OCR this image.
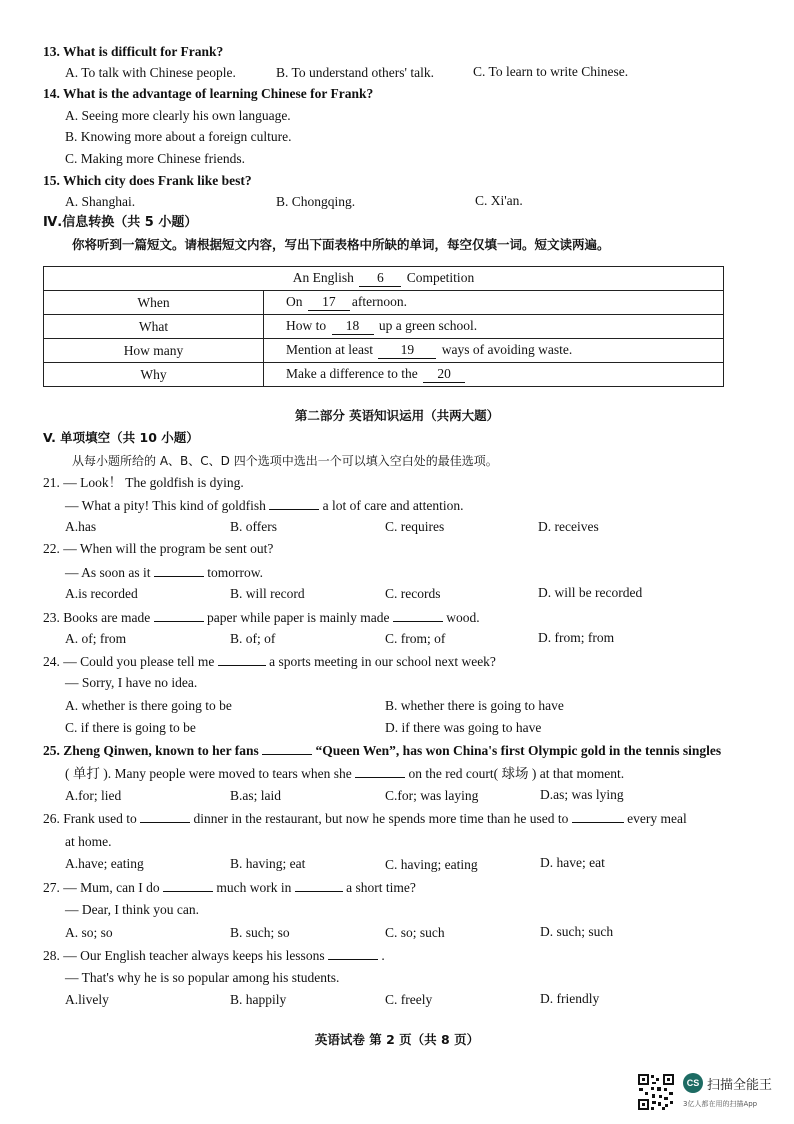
13. What is difficult for Frank?
A. To talk with Chinese people.	B. To understand others' talk.	C. To learn to write Chinese.
14. What is the advantage of learning Chinese for Frank?
A. Seeing more clearly his own language.
B. Knowing more about a foreign culture.
C. Making more Chinese friends.
15. Which city does Frank like best?
A. Shanghai.	B. Chongqing.	C. Xi'an.
Ⅳ.信息转换（共 5 小题）
你将听到一篇短文。请根据短文内容，写出下面表格中所缺的单词，每空仅填一词。短文读两遍。
An English 6 Competition	
When	On 17 afternoon.
What	How to 18 up a green school.
How many	Mention at least 19 ways of avoiding waste.
Why	Make a difference to the 20
第二部分 英语知识运用（共两大题）
V. 单项填空（共 10 小题）
从每小题所给的 A、B、C、D 四个选项中选出一个可以填入空白处的最佳选项。
21. — Look！ The goldfish is dying.
— What a pity! This kind of goldfish	a lot of care and attention.
A.has	B. offers	C. requires	D. receives
22. — When will the program be sent out?
— As soon as it	tomorrow.
A.is recorded	B. will record	C. records	D. will be recorded
23. Books are made	paper while paper is mainly made	wood.
A. of; from	B. of; of	C. from; of	D. from; from
24. — Could you please tell me	a sports meeting in our school next week?
— Sorry, I have no idea.
A. whether is there going to be	B. whether there is going to have
C. if there is going to be	D. if there was going to have
25. Zheng Qinwen, known to her fans	“Queen Wen”, has won China's first Olympic gold in the tennis singles
( 单打 ). Many people were moved to tears when she	on the red court( 球场 ) at that moment.
A.for; lied	B.as; laid	C.for; was laying	D.as; was lying
26. Frank used to	dinner in the restaurant, but now he spends more time than he used to	every meal
at home.
A.have; eating	B. having; eat	C. having; eating	D. have; eat
27. — Mum, can I do	much work in	a short time?
— Dear, I think you can.
A. so; so	B. such; so	C. so; such	D. such; such
28. — Our English teacher always keeps his lessons	.
— That's why he is so popular among his students.
A.lively	B. happily	C. freely	D. friendly
英语试卷 第 2 页（共 8 页）
CS 扫描全能王
3亿人都在用的扫描App
